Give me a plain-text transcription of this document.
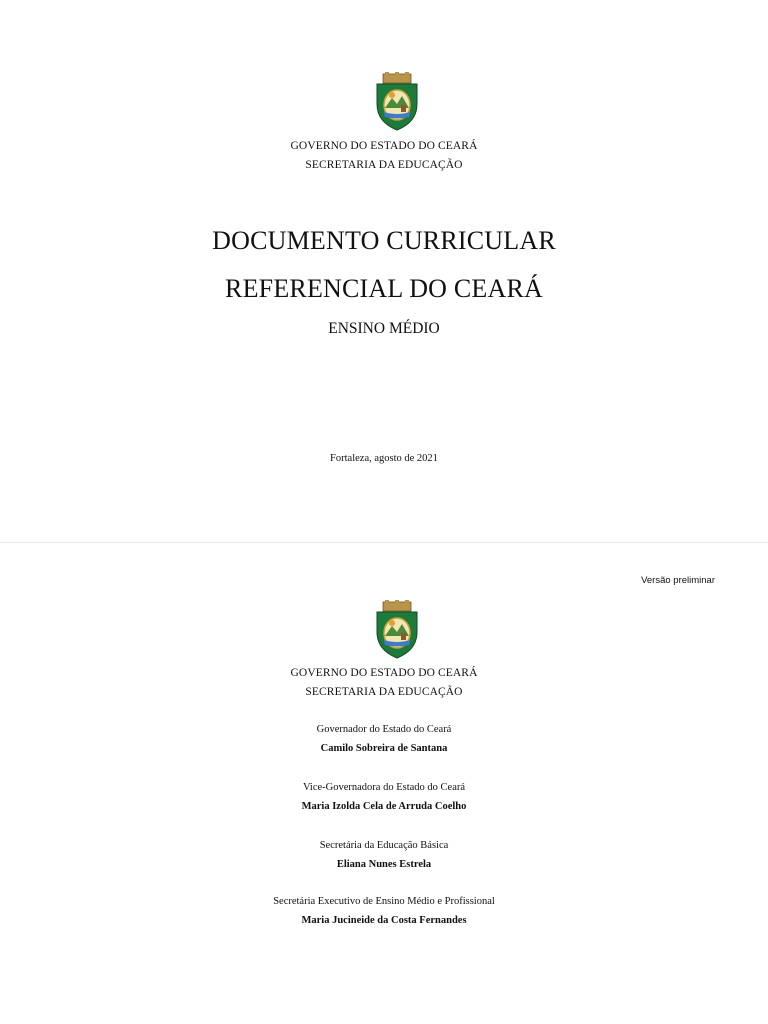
GOVERNO DO ESTADO DO CEARÁ
SECRETARIA DA EDUCAÇÃO
DOCUMENTO CURRICULAR
REFERENCIAL DO CEARÁ
ENSINO MÉDIO
Fortaleza, agosto de 2021
Versão preliminar
GOVERNO DO ESTADO DO CEARÁ
SECRETARIA DA EDUCAÇÃO
Governador do Estado do Ceará
Camilo Sobreira de Santana
Vice-Governadora do Estado do Ceará
Maria Izolda Cela de Arruda Coelho
Secretária da Educação Básica
Eliana Nunes Estrela
Secretária Executivo de Ensino Médio e Profissional
Maria Jucineide da Costa Fernandes
